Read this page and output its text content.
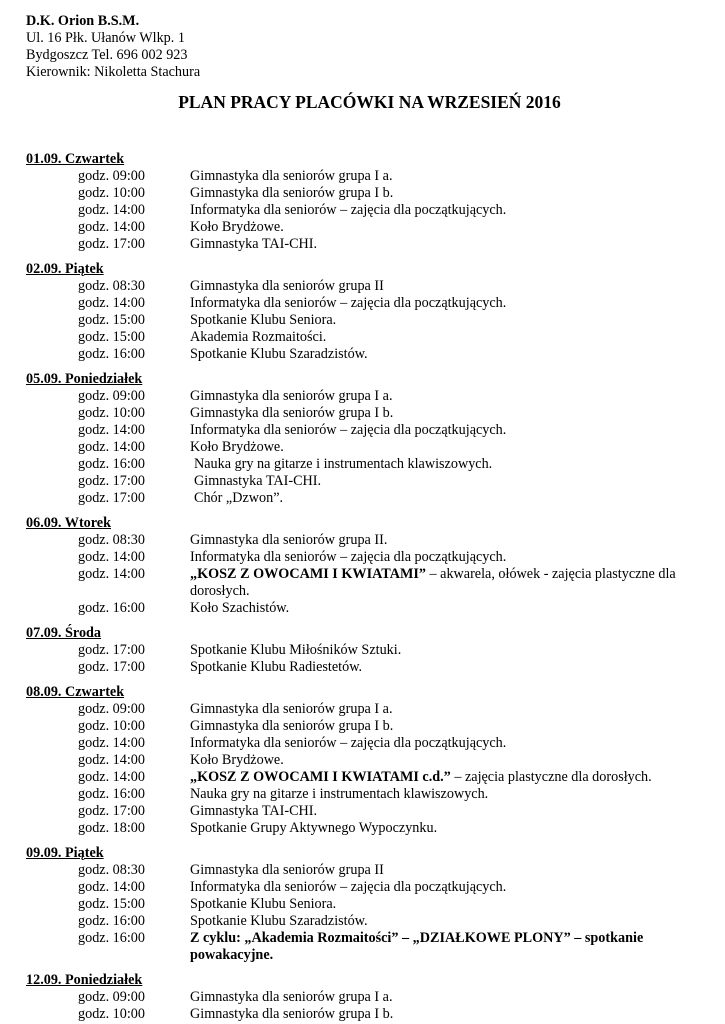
D.K. Orion B.S.M.
Ul. 16 Płk. Ułanów Wlkp. 1
Bydgoszcz Tel. 696 002 923
Kierownik: Nikoletta Stachura
PLAN PRACY PLACÓWKI NA WRZESIEŃ 2016
01.09. Czwartek
godz. 09:00	Gimnastyka dla seniorów grupa I a.
godz. 10:00	Gimnastyka dla seniorów grupa I b.
godz. 14:00	Informatyka dla seniorów – zajęcia dla początkujących.
godz. 14:00	Koło Brydżowe.
godz. 17:00	Gimnastyka TAI-CHI.
02.09. Piątek
godz. 08:30	Gimnastyka dla seniorów grupa II
godz. 14:00	Informatyka dla seniorów – zajęcia dla początkujących.
godz. 15:00	Spotkanie Klubu Seniora.
godz. 15:00	Akademia Rozmaitości.
godz. 16:00	Spotkanie Klubu Szaradzistów.
05.09. Poniedziałek
godz. 09:00	Gimnastyka dla seniorów grupa I a.
godz. 10:00	Gimnastyka dla seniorów grupa I b.
godz. 14:00	Informatyka dla seniorów – zajęcia dla początkujących.
godz. 14:00	Koło Brydżowe.
godz. 16:00	Nauka gry na gitarze i instrumentach klawiszowych.
godz. 17:00	Gimnastyka TAI-CHI.
godz. 17:00	Chór „Dzwon”.
06.09. Wtorek
godz. 08:30	Gimnastyka dla seniorów grupa II.
godz. 14:00	Informatyka dla seniorów – zajęcia dla początkujących.
godz. 14:00	„KOSZ Z OWOCAMI I KWIATAMI” – akwarela, ołówek - zajęcia plastyczne dla dorosłych.
godz. 16:00	Koło Szachistów.
07.09. Środa
godz. 17:00	Spotkanie Klubu Miłośników Sztuki.
godz. 17:00	Spotkanie Klubu Radiestetów.
08.09. Czwartek
godz. 09:00	Gimnastyka dla seniorów grupa I a.
godz. 10:00	Gimnastyka dla seniorów grupa I b.
godz. 14:00	Informatyka dla seniorów – zajęcia dla początkujących.
godz. 14:00	Koło Brydżowe.
godz. 14:00	„KOSZ Z OWOCAMI I KWIATAMI c.d.” – zajęcia plastyczne dla dorosłych.
godz. 16:00	Nauka gry na gitarze i instrumentach klawiszowych.
godz. 17:00	Gimnastyka TAI-CHI.
godz. 18:00	Spotkanie Grupy Aktywnego Wypoczynku.
09.09. Piątek
godz. 08:30	Gimnastyka dla seniorów grupa II
godz. 14:00	Informatyka dla seniorów – zajęcia dla początkujących.
godz. 15:00	Spotkanie Klubu Seniora.
godz. 16:00	Spotkanie Klubu Szaradzistów.
godz. 16:00	Z cyklu: „Akademia Rozmaitości” – „DZIAŁKOWE PLONY” – spotkanie powakacyjne.
12.09. Poniedziałek
godz. 09:00	Gimnastyka dla seniorów grupa I a.
godz. 10:00	Gimnastyka dla seniorów grupa I b.
